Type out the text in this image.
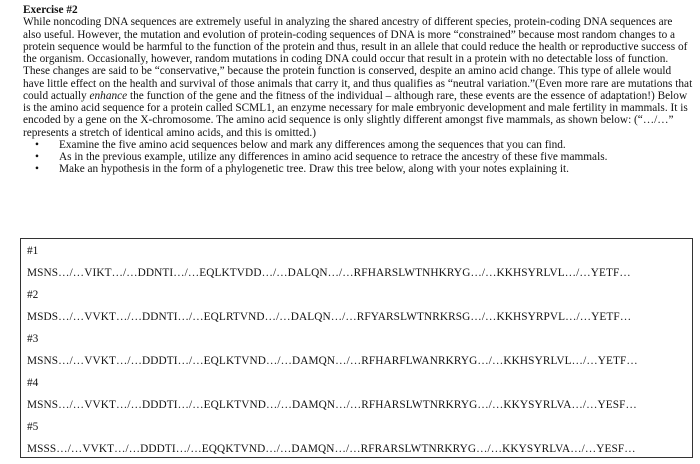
Exercise #2
While noncoding DNA sequences are extremely useful in analyzing the shared ancestry of different species, protein-coding DNA sequences are also useful. However, the mutation and evolution of protein-coding sequences of DNA is more “constrained” because most random changes to a protein sequence would be harmful to the function of the protein and thus, result in an allele that could reduce the health or reproductive success of the organism. Occasionally, however, random mutations in coding DNA could occur that result in a protein with no detectable loss of function. These changes are said to be “conservative,” because the protein function is conserved, despite an amino acid change. This type of allele would have little effect on the health and survival of those animals that carry it, and thus qualifies as “neutral variation.”(Even more rare are mutations that could actually enhance the function of the gene and the fitness of the individual – although rare, these events are the essence of adaptation!) Below is the amino acid sequence for a protein called SCML1, an enzyme necessary for male embryonic development and male fertility in mammals. It is encoded by a gene on the X-chromosome. The amino acid sequence is only slightly different amongst five mammals, as shown below: (“…/…” represents a stretch of identical amino acids, and this is omitted.)
• Examine the five amino acid sequences below and mark any differences among the sequences that you can find.
• As in the previous example, utilize any differences in amino acid sequence to retrace the ancestry of these five mammals.
• Make an hypothesis in the form of a phylogenetic tree. Draw this tree below, along with your notes explaining it.
#1
MSNS…/…VIKT…/…DDNTI…/…EQLKTVDD…/…DALQN…/…RFHARSLWTNHKRYG…/…KKHSYRLVL…/…YETF…
#2
MSDS…/…VVKT…/…DDNTI…/…EQLRTVND…/…DALQN…/…RFYARSLWTNRKRSG…/…KKHSYRPVL…/…YETF…
#3
MSNS…/…VVKT…/…DDDTI…/…EQLKTVND…/…DAMQN…/…RFHARFLWANRKRYG…/…KKHSYRLVL…/…YETF…
#4
MSNS…/…VVKT…/…DDDTI…/…EQLKTVND…/…DAMQN…/…RFHARSLWTNRKRYG…/…KKYSYRLVA…/…YESF…
#5
MSSS…/…VVKT…/…DDDTI…/…EQQKTVND…/…DAMQN…/…RFRARSLWTNRKRYG…/…KKYSYRLVA…/…YESF…
